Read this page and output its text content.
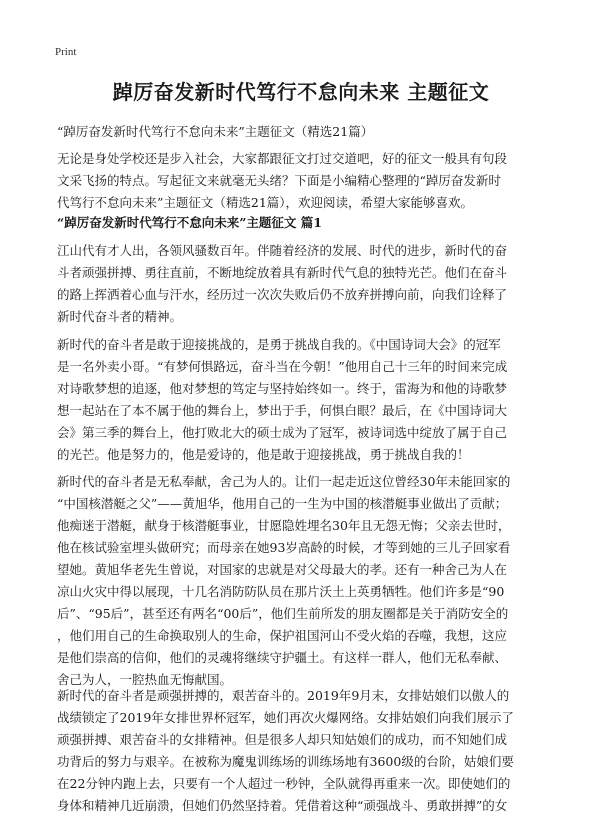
Print
踔厉奋发新时代笃行不怠向未来 主题征文
“踔厉奋发新时代笃行不怠向未来”主题征文（精选21篇）
无论是身处学校还是步入社会，大家都跟征文打过交道吧，好的征文一般具有句段
文采飞扬的特点。写起征文来就毫无头绪？下面是小编精心整理的“踔厉奋发新时
代笃行不怠向未来”主题征文（精选21篇），欢迎阅读，希望大家能够喜欢。
“踔厉奋发新时代笃行不怠向未来”主题征文 篇1
江山代有才人出，各领风骚数百年。伴随着经济的发展、时代的进步，新时代的奋
斗者顽强拼搏、勇往直前，不断地绽放着具有新时代气息的独特光芒。他们在奋斗
的路上挥洒着心血与汗水，经历过一次次失败后仍不放弃拼搏向前，向我们诠释了
新时代奋斗者的精神。
新时代的奋斗者是敢于迎接挑战的，是勇于挑战自我的。《中国诗词大会》的冠军
是一名外卖小哥。“有梦何惧路远，奋斗当在今朝！”他用自己十三年的时间来完成
对诗歌梦想的追逐，他对梦想的笃定与坚持始终如一。终于，雷海为和他的诗歌梦
想一起站在了本不属于他的舞台上，梦出于手，何惧白眼？最后，在《中国诗词大
会》第三季的舞台上，他打败北大的硕士成为了冠军，被诗词选中绽放了属于自己
的光芒。他是努力的，他是爱诗的，他是敢于迎接挑战，勇于挑战自我的！
新时代的奋斗者是无私奉献，舍己为人的。让们一起走近这位曾经30年未能回家的
“中国核潜艇之父”——黄旭华，他用自己的一生为中国的核潜艇事业做出了贡献；
他痴迷于潜艇，献身于核潜艇事业，甘愿隐姓埋名30年且无怨无悔；父亲去世时，
他在核试验室埋头做研究；而母亲在她93岁高龄的时候，才等到她的三儿子回家看
望她。黄旭华老先生曾说，对国家的忠就是对父母最大的孝。还有一种舍己为人在
凉山火灾中得以展现，十几名消防防队员在那片沃土上英勇牺牲。他们许多是“90
后”、“95后”，甚至还有两名“00后”，他们生前所发的朋友圈都是关于消防安全的
，他们用自己的生命换取别人的生命，保护祖国河山不受火焰的吞噬，我想，这应
是他们崇高的信仰，他们的灵魂将继续守护疆土。有这样一群人，他们无私奉献、
舍己为人，一腔热血无悔献国。
新时代的奋斗者是顽强拼搏的，艰苦奋斗的。2019年9月末，女排姑娘们以傲人的
战绩锁定了2019年女排世界杯冠军，她们再次火爆网络。女排姑娘们向我们展示了
顽强拼搏、艰苦奋斗的女排精神。但是很多人却只知姑娘们的成功，而不知她们成
功背后的努力与艰辛。在被称为魔鬼训练场的训练场地有3600级的台阶，姑娘们要
在22分钟内跑上去，只要有一个人超过一秒钟，全队就得再重来一次。即使她们的
身体和精神几近崩溃，但她们仍然坚持着。凭借着这种“顽强战斗、勇敢拼搏”的女
